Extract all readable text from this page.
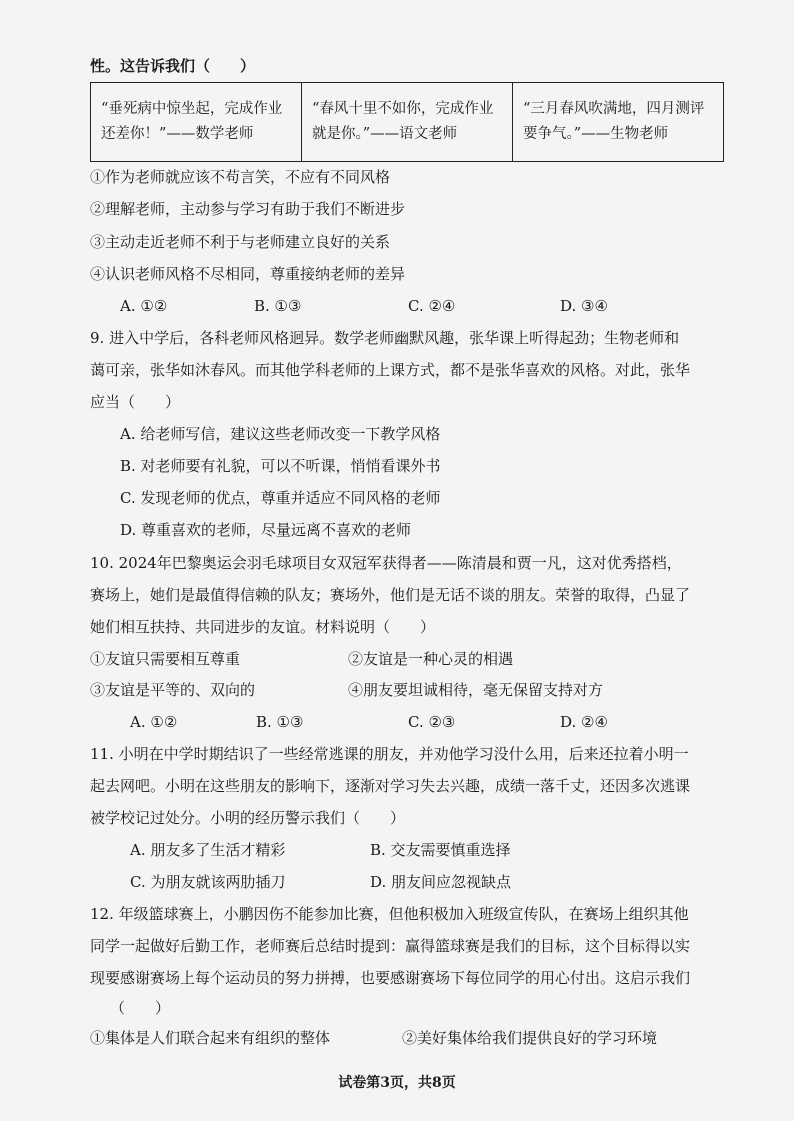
性。这告诉我们（　　）
“垂死病中惊坐起，完成作业还差你！”——数学老师	“春风十里不如你，完成作业就是你。”——语文老师	“三月春风吹满地，四月测评要争气。”——生物老师
①作为老师就应该不苟言笑，不应有不同风格
②理解老师，主动参与学习有助于我们不断进步
③主动走近老师不利于与老师建立良好的关系
④认识老师风格不尽相同，尊重接纳老师的差异
A. ①②	B. ①③	C. ②④	D. ③④
9. 进入中学后，各科老师风格迥异。数学老师幽默风趣，张华课上听得起劲；生物老师和
蔼可亲，张华如沐春风。而其他学科老师的上课方式，都不是张华喜欢的风格。对此，张华
应当（　　）
A. 给老师写信，建议这些老师改变一下教学风格
B. 对老师要有礼貌，可以不听课，悄悄看课外书
C. 发现老师的优点，尊重并适应不同风格的老师
D. 尊重喜欢的老师，尽量远离不喜欢的老师
10. 2024年巴黎奥运会羽毛球项目女双冠军获得者——陈清晨和贾一凡，这对优秀搭档，
赛场上，她们是最值得信赖的队友；赛场外，他们是无话不谈的朋友。荣誉的取得，凸显了
她们相互扶持、共同进步的友谊。材料说明（　　）
①友谊只需要相互尊重	②友谊是一种心灵的相遇
③友谊是平等的、双向的	④朋友要坦诚相待，毫无保留支持对方
A. ①②	B. ①③	C. ②③	D. ②④
11. 小明在中学时期结识了一些经常逃课的朋友，并劝他学习没什么用，后来还拉着小明一
起去网吧。小明在这些朋友的影响下，逐渐对学习失去兴趣，成绩一落千丈，还因多次逃课
被学校记过处分。小明的经历警示我们（　　）
A. 朋友多了生活才精彩	B. 交友需要慎重选择
C. 为朋友就该两肋插刀	D. 朋友间应忽视缺点
12. 年级篮球赛上，小鹏因伤不能参加比赛，但他积极加入班级宣传队，在赛场上组织其他
同学一起做好后勤工作，老师赛后总结时提到：赢得篮球赛是我们的目标，这个目标得以实
现要感谢赛场上每个运动员的努力拼搏，也要感谢赛场下每位同学的用心付出。这启示我们
（　　）
①集体是人们联合起来有组织的整体	②美好集体给我们提供良好的学习环境
试卷第3页，共8页
